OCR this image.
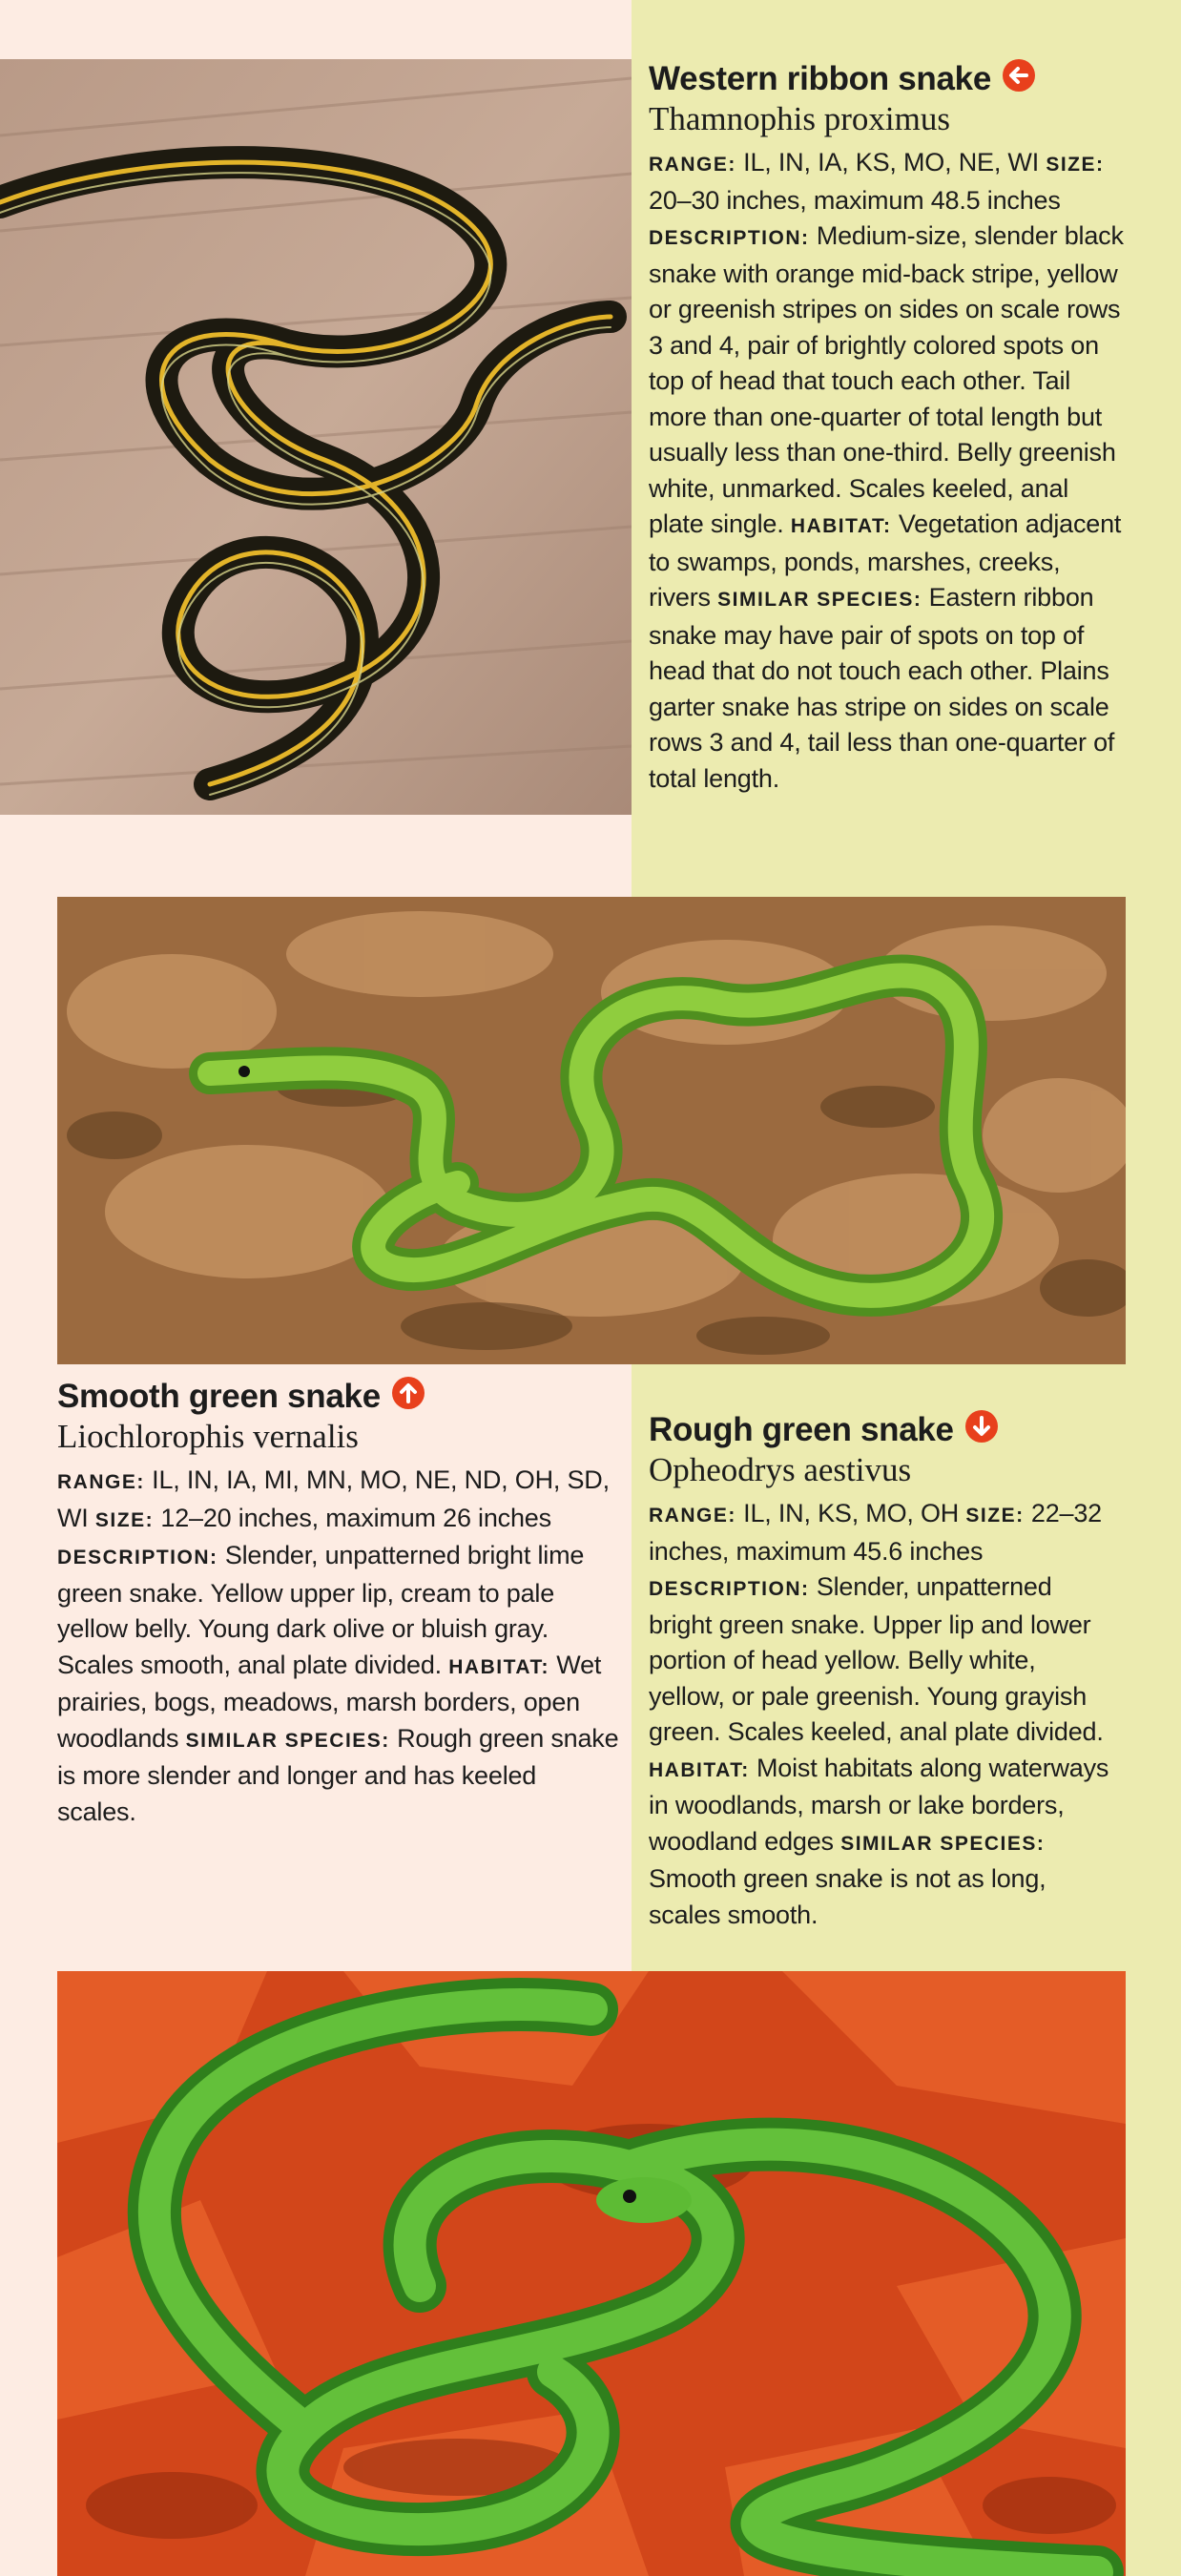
Western ribbon snake
Thamnophis proximus

RANGE: IL, IN, IA, KS, MO, NE, WI SIZE: 20–30 inches, maximum 48.5 inches DESCRIPTION: Medium-size, slender black snake with orange mid-back stripe, yellow or greenish stripes on sides on scale rows 3 and 4, pair of brightly colored spots on top of head that touch each other. Tail more than one-quarter of total length but usually less than one-third. Belly greenish white, unmarked. Scales keeled, anal plate single. HABITAT: Vegetation adjacent to swamps, ponds, marshes, creeks, rivers SIMILAR SPECIES: Eastern ribbon snake may have pair of spots on top of head that do not touch each other. Plains garter snake has stripe on sides on scale rows 3 and 4, tail less than one-quarter of total length.

Smooth green snake
Liochlorophis vernalis

RANGE: IL, IN, IA, MI, MN, MO, NE, ND, OH, SD, WI SIZE: 12–20 inches, maximum 26 inches DESCRIPTION: Slender, unpatterned bright lime green snake. Yellow upper lip, cream to pale yellow belly. Young dark olive or bluish gray. Scales smooth, anal plate divided. HABITAT: Wet prairies, bogs, meadows, marsh borders, open woodlands SIMILAR SPECIES: Rough green snake is more slender and longer and has keeled scales.

Rough green snake
Opheodrys aestivus

RANGE: IL, IN, KS, MO, OH SIZE: 22–32 inches, maximum 45.6 inches DESCRIPTION: Slender, unpatterned bright green snake. Upper lip and lower portion of head yellow. Belly white, yellow, or pale greenish. Young grayish green. Scales keeled, anal plate divided. HABITAT: Moist habitats along waterways in woodlands, marsh or lake borders, woodland edges SIMILAR SPECIES: Smooth green snake is not as long, scales smooth.
